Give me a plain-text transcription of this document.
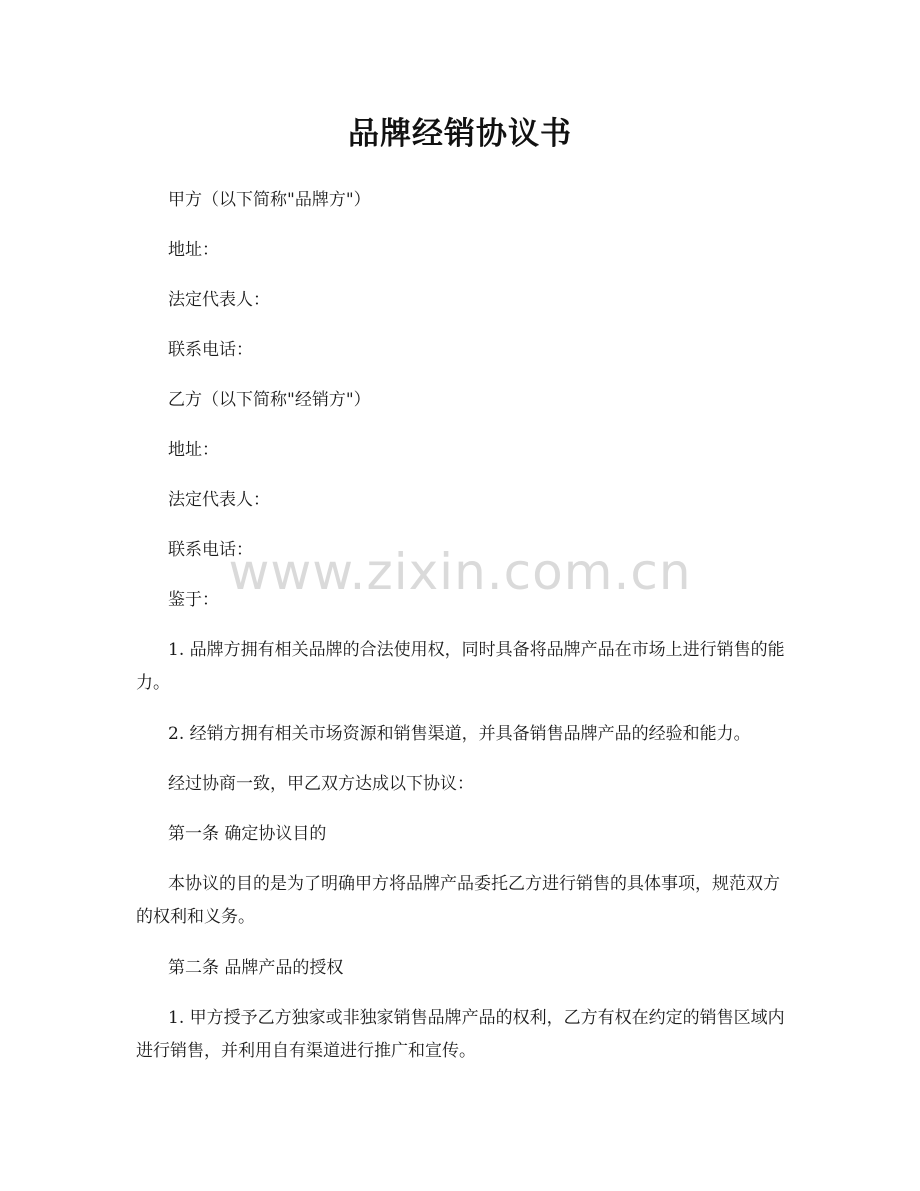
品牌经销协议书

甲方（以下简称"品牌方"）

地址：

法定代表人：

联系电话：

乙方（以下简称"经销方"）

地址：

法定代表人：

联系电话：

鉴于：

1. 品牌方拥有相关品牌的合法使用权，同时具备将品牌产品在市场上进行销售的能力。

2. 经销方拥有相关市场资源和销售渠道，并具备销售品牌产品的经验和能力。

经过协商一致，甲乙双方达成以下协议：

第一条 确定协议目的

本协议的目的是为了明确甲方将品牌产品委托乙方进行销售的具体事项，规范双方的权利和义务。

第二条 品牌产品的授权

1. 甲方授予乙方独家或非独家销售品牌产品的权利，乙方有权在约定的销售区域内进行销售，并利用自有渠道进行推广和宣传。

www.zixin.com.cn
